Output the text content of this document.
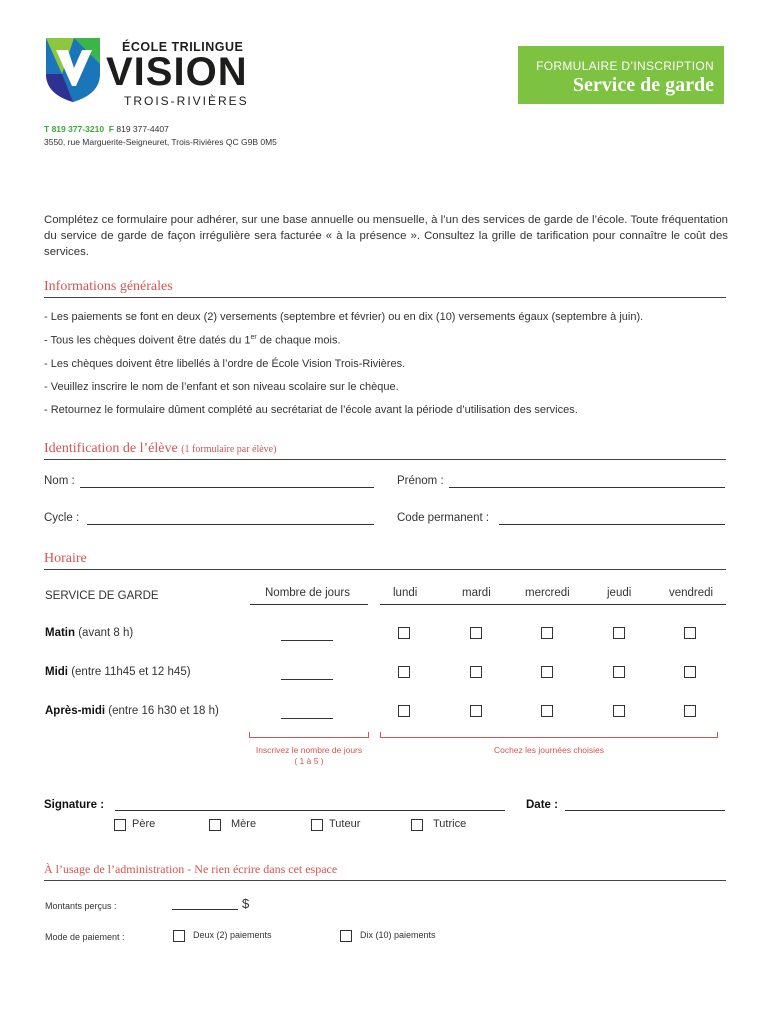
ÉCOLE TRILINGUE
VISION
TROIS-RIVIÈRES
T 819 377-3210 F 819 377-4407
3550, rue Marguerite-Seigneuret, Trois-Rivières QC G9B 0M5
FORMULAIRE D’INSCRIPTION
Service de garde
Complétez ce formulaire pour adhérer, sur une base annuelle ou mensuelle, à l’un des services de garde de l’école. Toute fréquentation du service de garde de façon irrégulière sera facturée « à la présence ». Consultez la grille de tarification pour connaître le coût des services.
Informations générales
- Les paiements se font en deux (2) versements (septembre et février) ou en dix (10) versements égaux (septembre à juin).
- Tous les chèques doivent être datés du 1er de chaque mois.
- Les chèques doivent être libellés à l’ordre de École Vision Trois-Rivières.
- Veuillez inscrire le nom de l’enfant et son niveau scolaire sur le chèque.
- Retournez le formulaire dûment complété au secrétariat de l’école avant la période d’utilisation des services.
Identification de l’élève (1 formulaire par élève)
Nom :	Prénom :
Cycle :	Code permanent :
Horaire
SERVICE DE GARDE	Nombre de jours	lundi	mardi	mercredi	jeudi	vendredi
Matin (avant 8 h)
Midi (entre 11h45 et 12 h45)
Après-midi (entre 16 h30 et 18 h)
Inscrivez le nombre de jours
( 1 à 5 )
Cochez les journées choisies
Signature :	Date :
Père	Mère	Tuteur	Tutrice
À l’usage de l’administration - Ne rien écrire dans cet espace
Montants perçus :	$
Mode de paiement :	Deux (2) paiements	Dix (10) paiements
